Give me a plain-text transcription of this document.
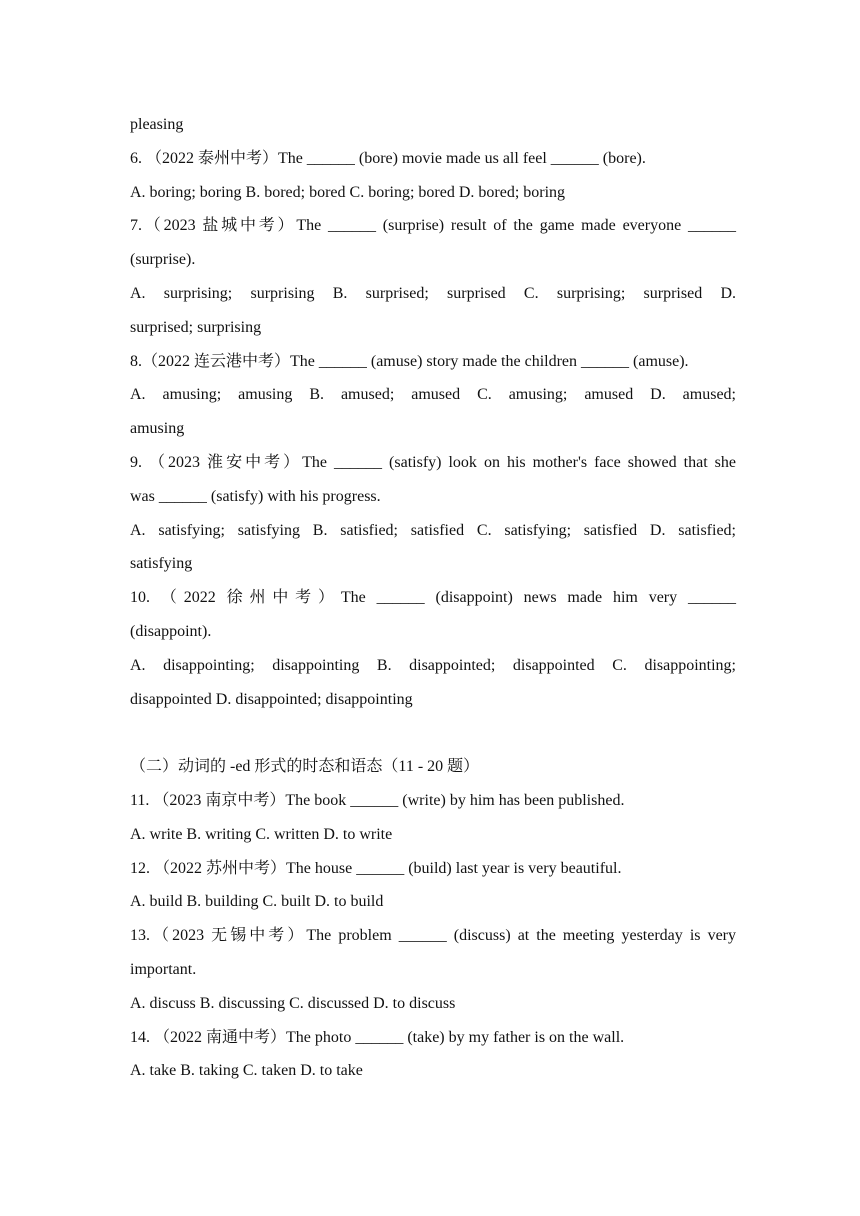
pleasing
6. （2022 泰州中考）The ______ (bore) movie made us all feel ______ (bore).
A. boring; boring B. bored; bored C. boring; bored D. bored; boring
7.（2023 盐城中考）The ______ (surprise) result of the game made everyone ______
(surprise).
A. surprising; surprising B. surprised; surprised C. surprising; surprised D.
surprised; surprising
8.（2022 连云港中考）The ______ (amuse) story made the children ______ (amuse).
A. amusing; amusing B. amused; amused C. amusing; amused D. amused;
amusing
9. （2023 淮安中考）The ______ (satisfy) look on his mother's face showed that she
was ______ (satisfy) with his progress.
A. satisfying; satisfying B. satisfied; satisfied C. satisfying; satisfied D. satisfied;
satisfying
10. （2022 徐州中考）The ______ (disappoint) news made him very ______
(disappoint).
A. disappointing; disappointing B. disappointed; disappointed C. disappointing;
disappointed D. disappointed; disappointing
（二）动词的 -ed 形式的时态和语态（11 - 20 题）
11. （2023 南京中考）The book ______ (write) by him has been published.
A. write B. writing C. written D. to write
12. （2022 苏州中考）The house ______ (build) last year is very beautiful.
A. build B. building C. built D. to build
13.（2023 无锡中考）The problem ______ (discuss) at the meeting yesterday is very
important.
A. discuss B. discussing C. discussed D. to discuss
14. （2022 南通中考）The photo ______ (take) by my father is on the wall.
A. take B. taking C. taken D. to take
